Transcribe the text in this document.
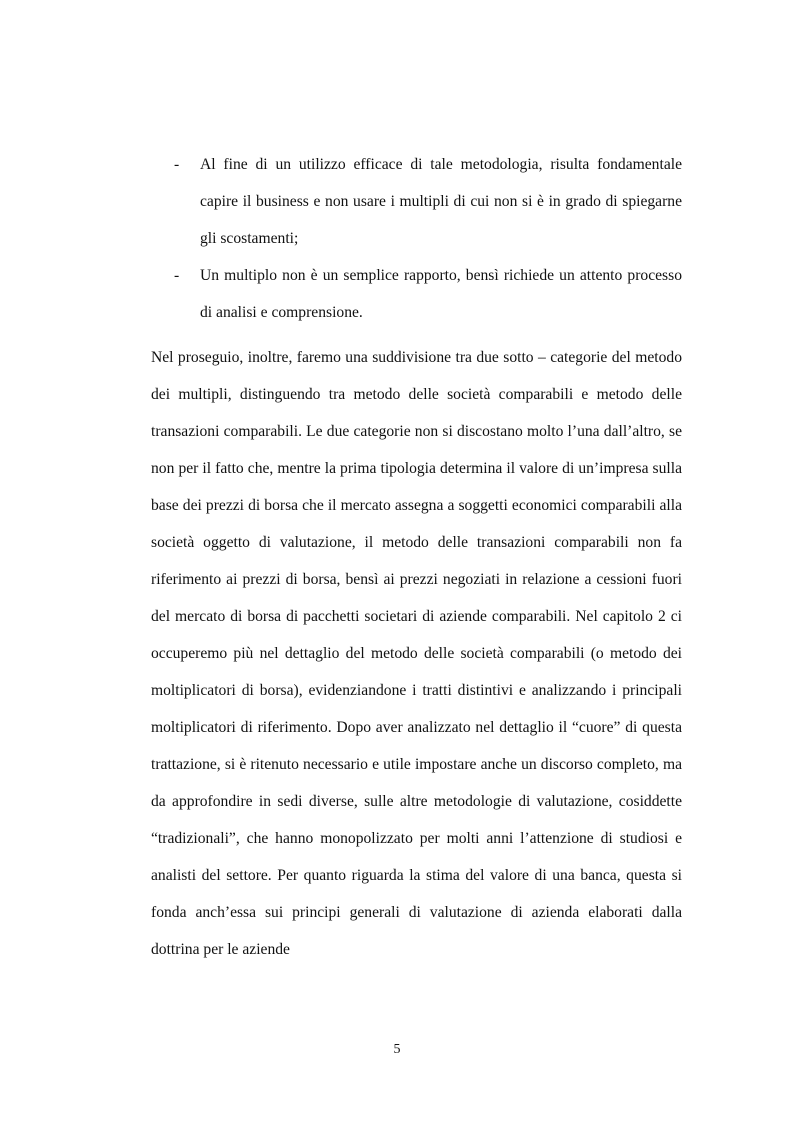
-	Al fine di un utilizzo efficace di tale metodologia, risulta fondamentale capire il business e non usare i multipli di cui non si è in grado di spiegarne gli scostamenti;
-	Un multiplo non è un semplice rapporto, bensì richiede un attento processo di analisi e comprensione.

Nel proseguio, inoltre, faremo una suddivisione tra due sotto – categorie del metodo dei multipli, distinguendo tra metodo delle società comparabili e metodo delle transazioni comparabili. Le due categorie non si discostano molto l’una dall’altro, se non per il fatto che, mentre la prima tipologia determina il valore di un’impresa sulla base dei prezzi di borsa che il mercato assegna a soggetti economici comparabili alla società oggetto di valutazione, il metodo delle transazioni comparabili non fa riferimento ai prezzi di borsa, bensì ai prezzi negoziati in relazione a cessioni fuori del mercato di borsa di pacchetti societari di aziende comparabili. Nel capitolo 2 ci occuperemo più nel dettaglio del metodo delle società comparabili (o metodo dei moltiplicatori di borsa), evidenziandone i tratti distintivi e analizzando i principali moltiplicatori di riferimento. Dopo aver analizzato nel dettaglio il “cuore” di questa trattazione, si è ritenuto necessario e utile impostare anche un discorso completo, ma da approfondire in sedi diverse, sulle altre metodologie di valutazione, cosiddette “tradizionali”, che hanno monopolizzato per molti anni l’attenzione di studiosi e analisti del settore. Per quanto riguarda la stima del valore di una banca, questa si fonda anch’essa sui principi generali di valutazione di azienda elaborati dalla dottrina per le aziende

5
